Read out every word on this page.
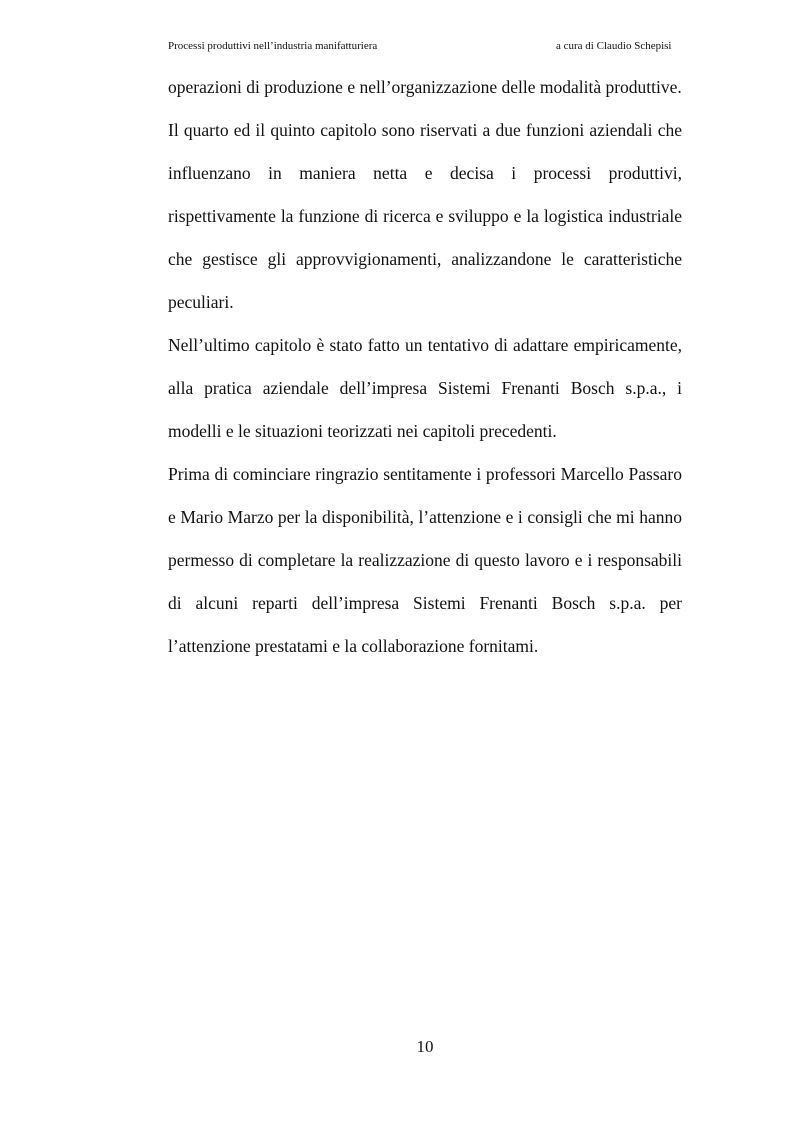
Processi produttivi nell’industria manifatturiera	a cura di Claudio Schepisi

operazioni di produzione e nell’organizzazione delle modalità produttive.

Il quarto ed il quinto capitolo sono riservati a due funzioni aziendali che influenzano in maniera netta e decisa i processi produttivi, rispettivamente la funzione di ricerca e sviluppo e la logistica industriale che gestisce gli approvvigionamenti, analizzandone le caratteristiche peculiari.

Nell’ultimo capitolo è stato fatto un tentativo di adattare empiricamente, alla pratica aziendale dell’impresa Sistemi Frenanti Bosch s.p.a., i modelli e le situazioni teorizzati nei capitoli precedenti.

Prima di cominciare ringrazio sentitamente i professori Marcello Passaro e Mario Marzo per la disponibilità, l’attenzione e i consigli che mi hanno permesso di completare la realizzazione di questo lavoro e i responsabili di alcuni reparti dell’impresa Sistemi Frenanti Bosch s.p.a. per l’attenzione prestatami e la collaborazione fornitami.

10
